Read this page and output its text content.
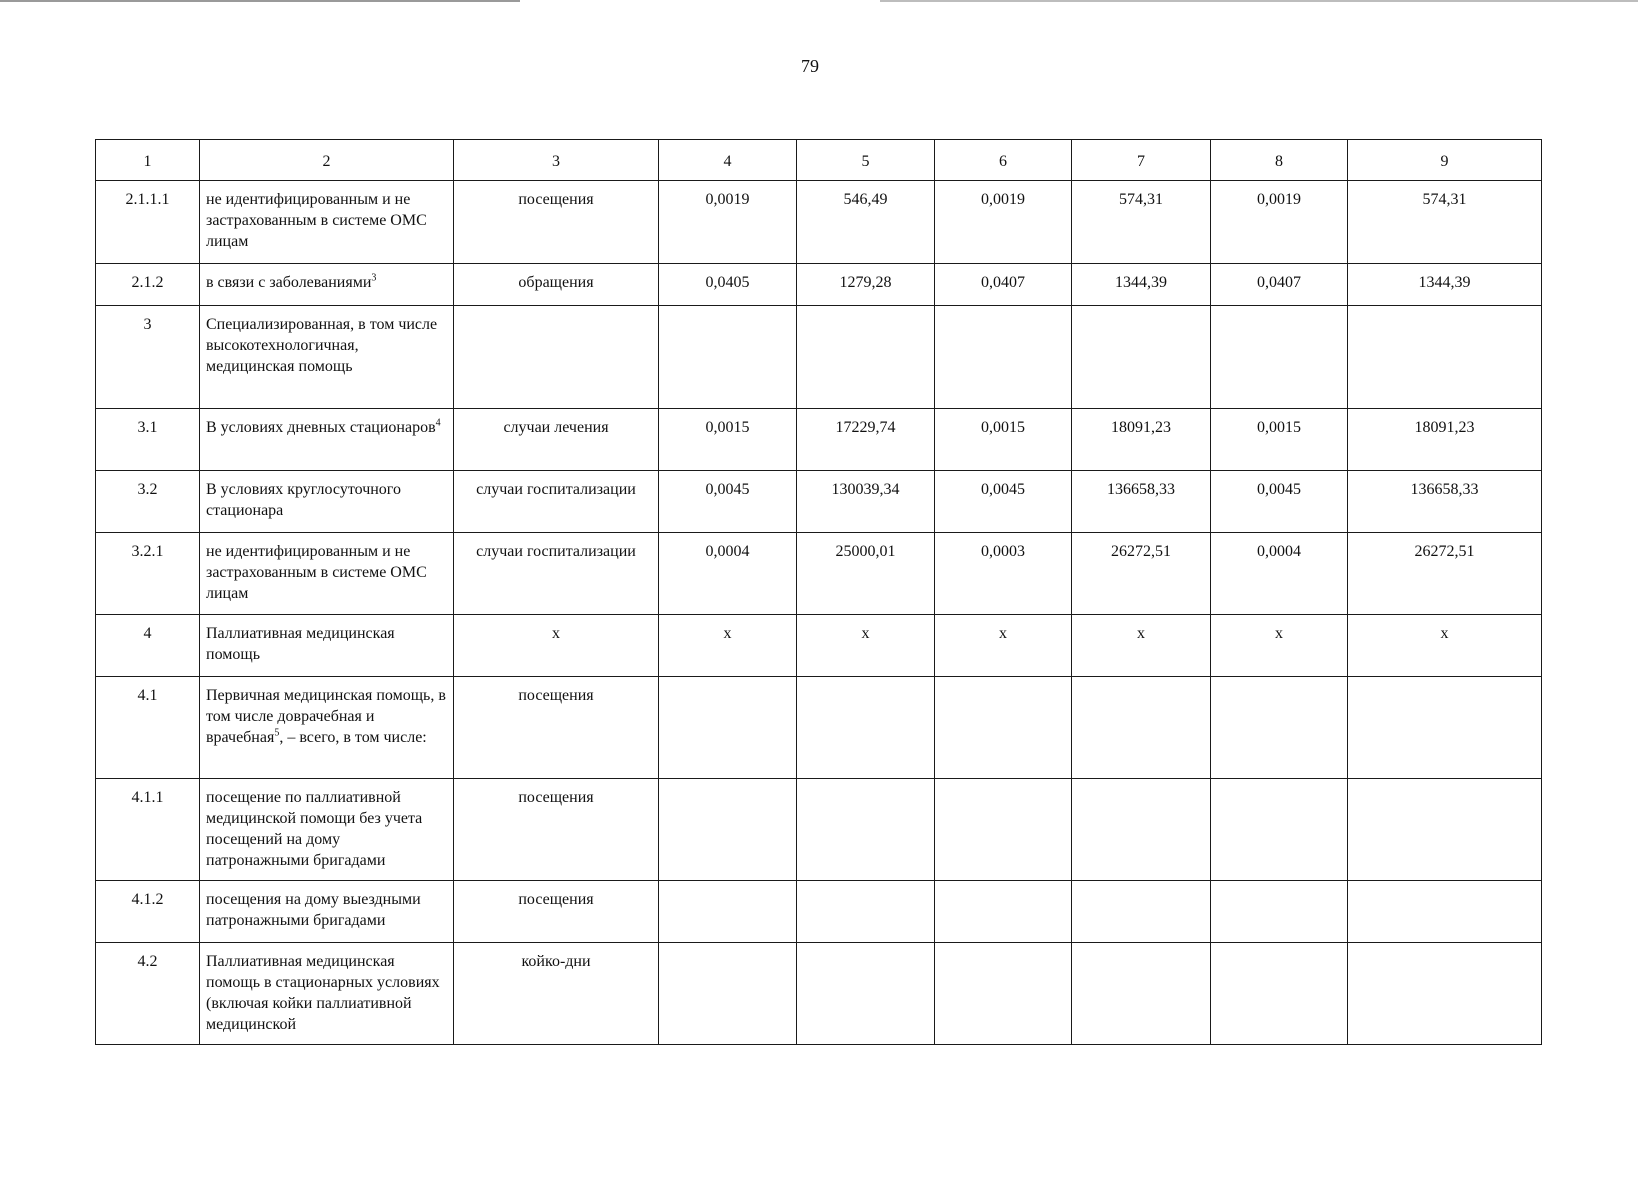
79
1	2	3	4	5	6	7	8	9
2.1.1.1	не идентифицированным и не застрахованным в системе ОМС лицам	посещения	0,0019	546,49	0,0019	574,31	0,0019	574,31
2.1.2	в связи с заболеваниями$^3$	обращения	0,0405	1279,28	0,0407	1344,39	0,0407	1344,39
3	Специализированная, в том числе высокотехнологичная, медицинская помощь							
3.1	В условиях дневных стационаров$^4$	случаи лечения	0,0015	17229,74	0,0015	18091,23	0,0015	18091,23
3.2	В условиях круглосуточного стационара	случаи госпитализации	0,0045	130039,34	0,0045	136658,33	0,0045	136658,33
3.2.1	не идентифицированным и не застрахованным в системе ОМС лицам	случаи госпитализации	0,0004	25000,01	0,0003	26272,51	0,0004	26272,51
4	Паллиативная медицинская помощь	х	х	х	х	х	х	х
4.1	Первичная медицинская помощь, в том числе доврачебная и врачебная$^5$, – всего, в том числе:	посещения						
4.1.1	посещение по паллиативной медицинской помощи без учета посещений на дому патронажными бригадами	посещения						
4.1.2	посещения на дому выездными патронажными бригадами	посещения						
4.2	Паллиативная медицинская помощь в стационарных условиях (включая койки паллиативной медицинской	койко-дни						
